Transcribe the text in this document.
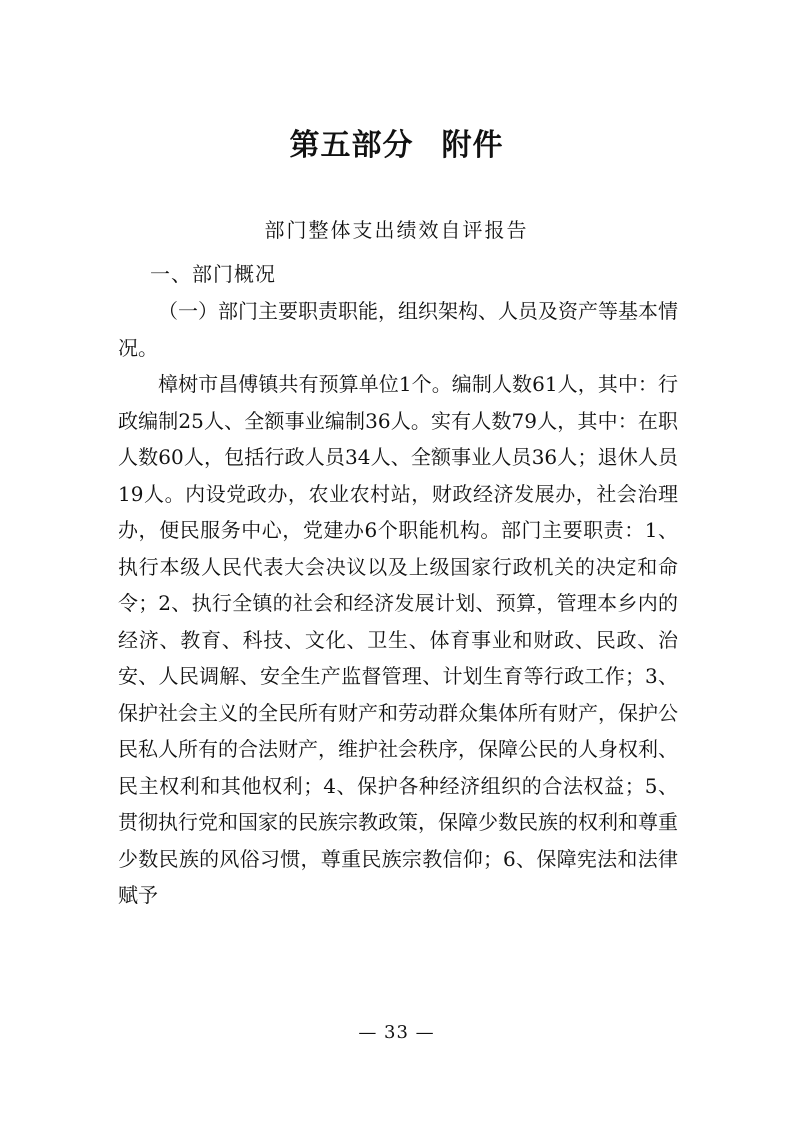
第五部分 附件
部门整体支出绩效自评报告
一、部门概况
（一）部门主要职责职能，组织架构、人员及资产等基本情况。
樟树市昌傅镇共有预算单位1个。编制人数61人，其中：行政编制25人、全额事业编制36人。实有人数79人，其中：在职人数60人，包括行政人员34人、全额事业人员36人；退休人员19人。内设党政办，农业农村站，财政经济发展办，社会治理办，便民服务中心，党建办6个职能机构。部门主要职责：1、执行本级人民代表大会决议以及上级国家行政机关的决定和命令；2、执行全镇的社会和经济发展计划、预算，管理本乡内的经济、教育、科技、文化、卫生、体育事业和财政、民政、治安、人民调解、安全生产监督管理、计划生育等行政工作；3、保护社会主义的全民所有财产和劳动群众集体所有财产，保护公民私人所有的合法财产，维护社会秩序，保障公民的人身权利、民主权利和其他权利；4、保护各种经济组织的合法权益；5、贯彻执行党和国家的民族宗教政策，保障少数民族的权利和尊重少数民族的风俗习惯，尊重民族宗教信仰；6、保障宪法和法律赋予
— 33 —
